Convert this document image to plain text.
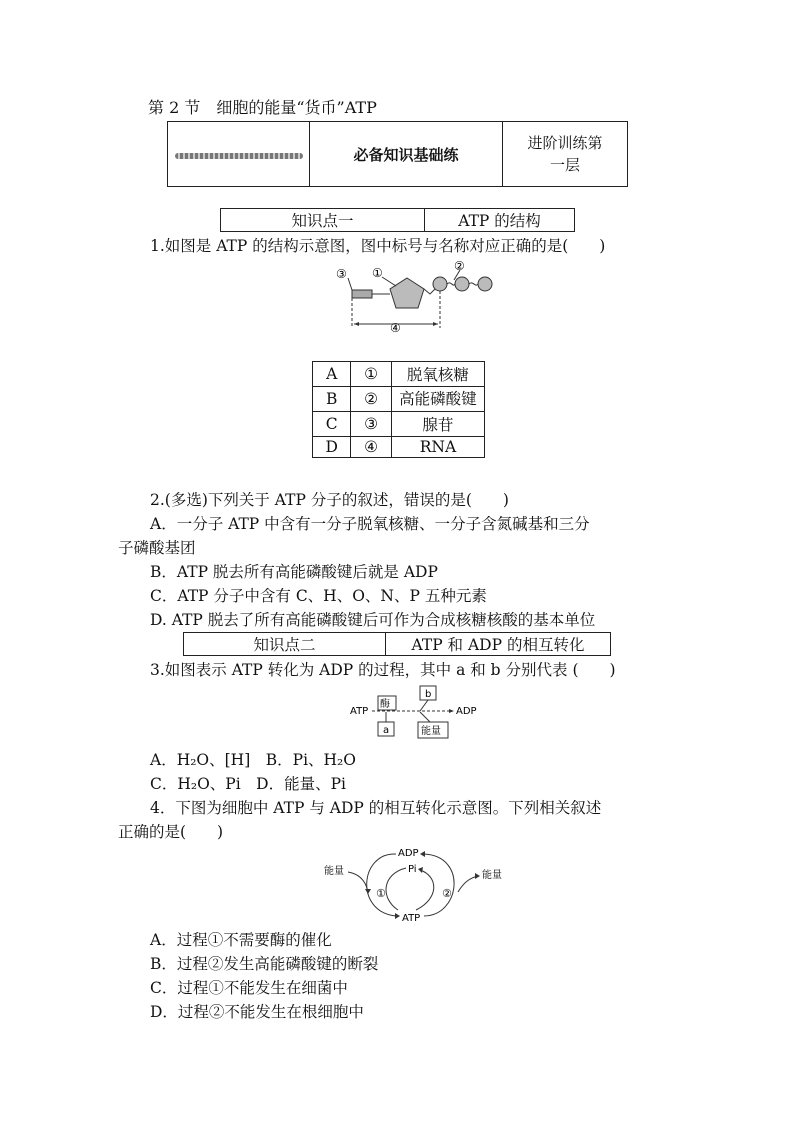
第 2 节　细胞的能量“货币”ATP
	必备知识基础练	进阶训练第
一层
知识点一	ATP 的结构
1.如图是 ATP 的结构示意图，图中标号与名称对应正确的是(　　)
③ ①	②
④
A	①	脱氧核糖
B	②	高能磷酸键
C	③	腺苷
D	④	RNA
2.(多选)下列关于 ATP 分子的叙述，错误的是(　　)
A．一分子 ATP 中含有一分子脱氧核糖、一分子含氮碱基和三分
子磷酸基团
B．ATP 脱去所有高能磷酸键后就是 ADP
C．ATP 分子中含有 C、H、O、N、P 五种元素
D. ATP 脱去了所有高能磷酸键后可作为合成核糖核酸的基本单位
知识点二	ATP 和 ADP 的相互转化
3.如图表示 ATP 转化为 ADP 的过程，其中 a 和 b 分别代表 (　　)
ATP	ADP
酶
b
a	能量
A．H₂O、[H]　B．Pi、H₂O
C．H₂O、Pi　D．能量、Pi
4．下图为细胞中 ATP 与 ADP 的相互转化示意图。下列相关叙述
正确的是(　　)
ADP
Pi
ATP
①	②
能量	能量
A．过程①不需要酶的催化
B．过程②发生高能磷酸键的断裂
C．过程①不能发生在细菌中
D．过程②不能发生在根细胞中
